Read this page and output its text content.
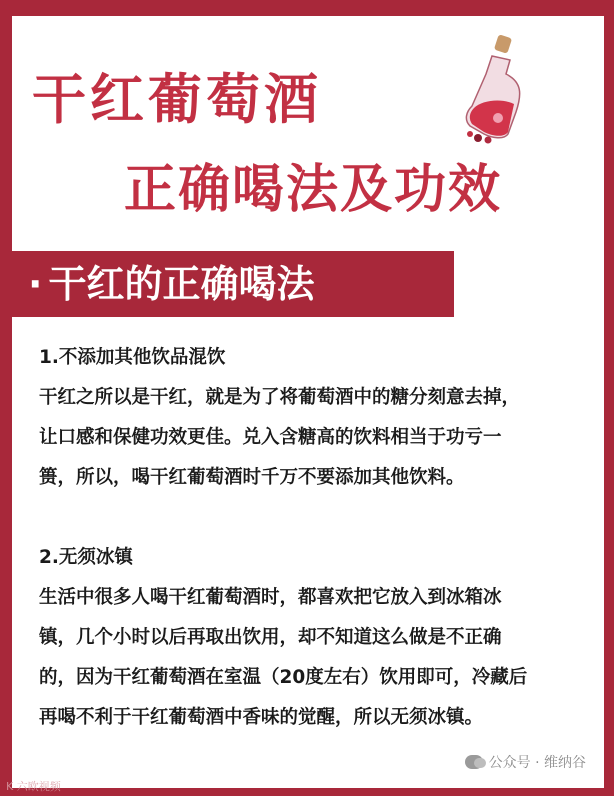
干红葡萄酒
正确喝法及功效
· 干红的正确喝法

1.不添加其他饮品混饮

干红之所以是干红，就是为了将葡萄酒中的糖分刻意去掉，

让口感和保健功效更佳。兑入含糖高的饮料相当于功亏一

篑，所以，喝干红葡萄酒时千万不要添加其他饮料。

2.无须冰镇

生活中很多人喝干红葡萄酒时，都喜欢把它放入到冰箱冰

镇，几个小时以后再取出饮用，却不知道这么做是不正确

的，因为干红葡萄酒在室温（20度左右）饮用即可，冷藏后

再喝不利于干红葡萄酒中香味的觉醒，所以无须冰镇。

公众号 · 维纳谷
K 六欧视频
